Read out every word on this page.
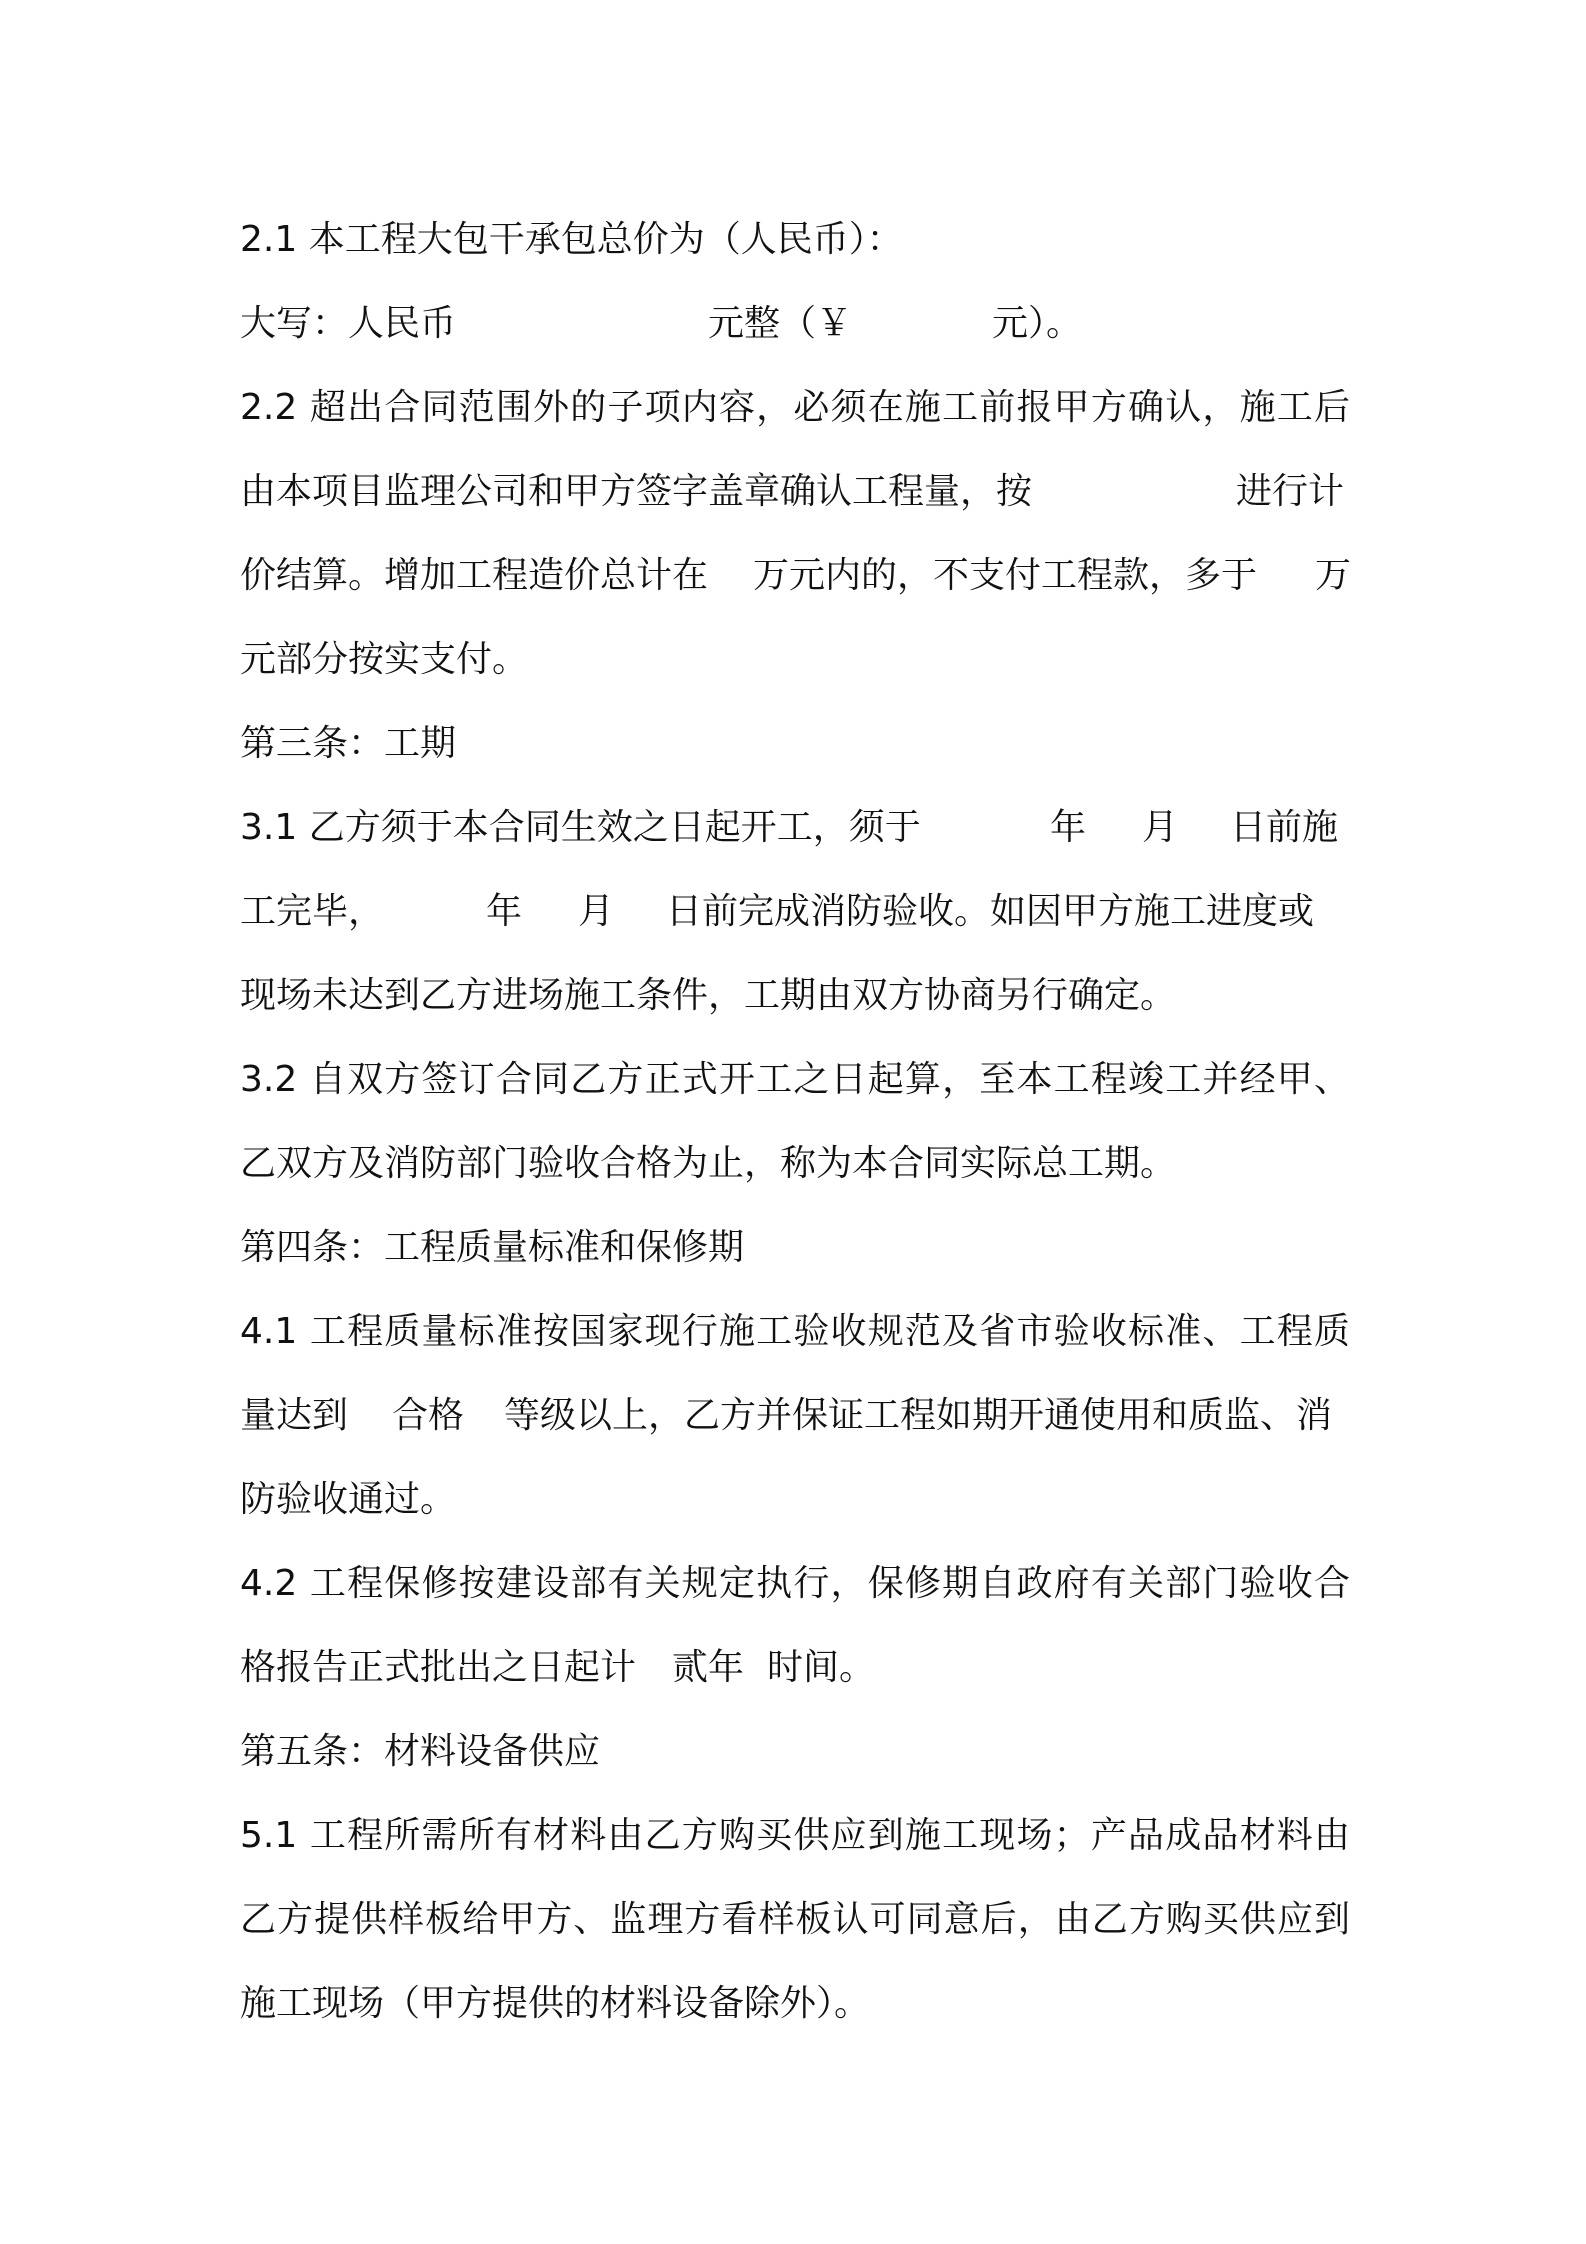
2.1 本工程大包干承包总价为（人民币）：
大写：人民币	元整（￥	元）。
2.2 超出合同范围外的子项内容，必须在施工前报甲方确认，施工后
由本项目监理公司和甲方签字盖章确认工程量，按	进行计
价结算。增加工程造价总计在 万元内的，不支付工程款，多于 万
元部分按实支付。
第三条：工期
3.1 乙方须于本合同生效之日起开工，须于	年 月 日前施
工完毕，	年 月 日前完成消防验收。如因甲方施工进度或
现场未达到乙方进场施工条件，工期由双方协商另行确定。
3.2 自双方签订合同乙方正式开工之日起算，至本工程竣工并经甲、
乙双方及消防部门验收合格为止，称为本合同实际总工期。
第四条：工程质量标准和保修期
4.1 工程质量标准按国家现行施工验收规范及省市验收标准、工程质
量达到 合格 等级以上，乙方并保证工程如期开通使用和质监、消
防验收通过。
4.2 工程保修按建设部有关规定执行，保修期自政府有关部门验收合
格报告正式批出之日起计 贰年 时间。
第五条：材料设备供应
5.1 工程所需所有材料由乙方购买供应到施工现场；产品成品材料由
乙方提供样板给甲方、监理方看样板认可同意后，由乙方购买供应到
施工现场（甲方提供的材料设备除外）。
